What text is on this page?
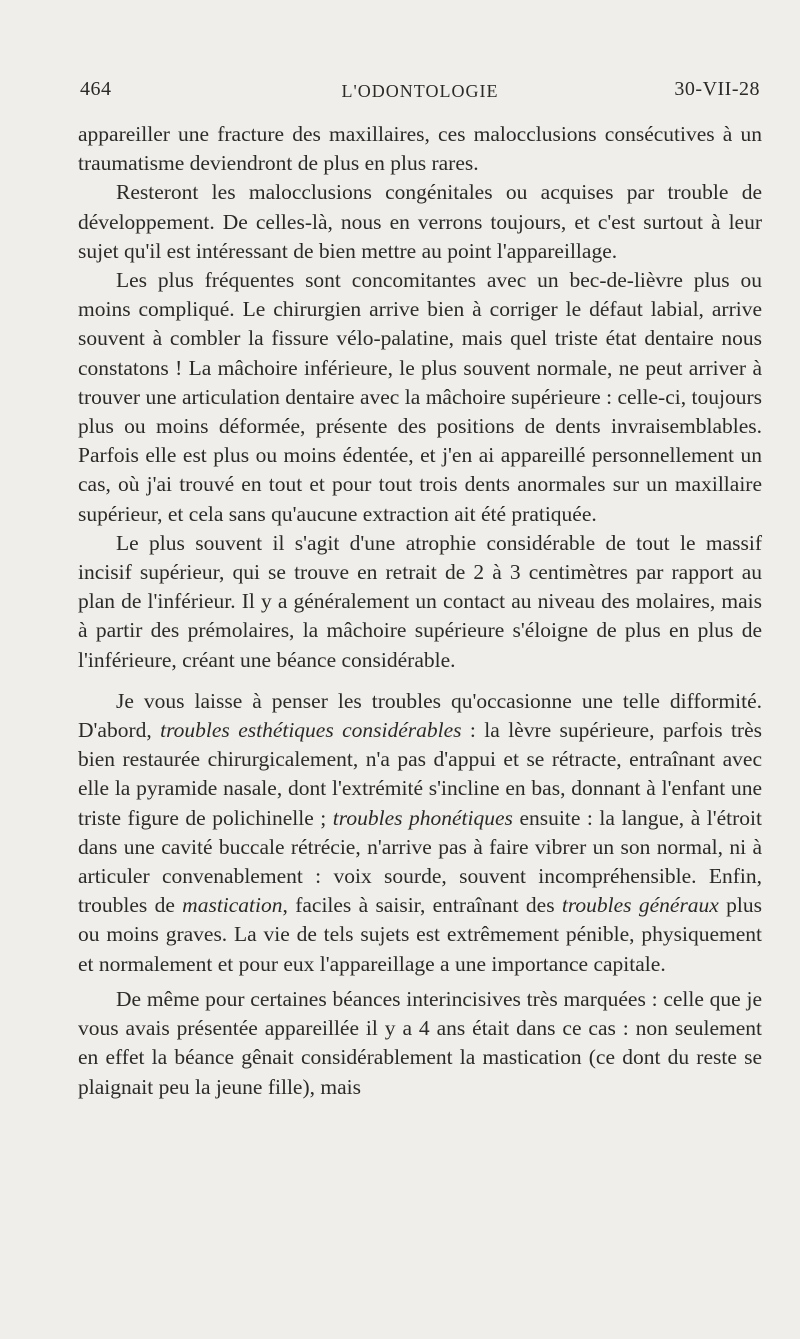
464	L'ODONTOLOGIE	30-VII-28

appareiller une fracture des maxillaires, ces malocclusions consécutives à un traumatisme deviendront de plus en plus rares.

Resteront les malocclusions congénitales ou acquises par trouble de développement. De celles-là, nous en verrons toujours, et c'est surtout à leur sujet qu'il est intéressant de bien mettre au point l'appareillage.

Les plus fréquentes sont concomitantes avec un bec-de-lièvre plus ou moins compliqué. Le chirurgien arrive bien à corriger le défaut labial, arrive souvent à combler la fissure vélo-palatine, mais quel triste état dentaire nous constatons ! La mâchoire inférieure, le plus souvent normale, ne peut arriver à trouver une articulation dentaire avec la mâchoire supérieure : celle-ci, toujours plus ou moins déformée, présente des positions de dents invraisemblables. Parfois elle est plus ou moins édentée, et j'en ai appareillé personnellement un cas, où j'ai trouvé en tout et pour tout trois dents anormales sur un maxillaire supérieur, et cela sans qu'aucune extraction ait été pratiquée.

Le plus souvent il s'agit d'une atrophie considérable de tout le massif incisif supérieur, qui se trouve en retrait de 2 à 3 centimètres par rapport au plan de l'inférieur. Il y a généralement un contact au niveau des molaires, mais à partir des prémolaires, la mâchoire supérieure s'éloigne de plus en plus de l'inférieure, créant une béance considérable.

Je vous laisse à penser les troubles qu'occasionne une telle difformité. D'abord, troubles esthétiques considérables : la lèvre supérieure, parfois très bien restaurée chirurgicalement, n'a pas d'appui et se rétracte, entraînant avec elle la pyramide nasale, dont l'extrémité s'incline en bas, donnant à l'enfant une triste figure de polichinelle ; troubles phonétiques ensuite : la langue, à l'étroit dans une cavité buccale rétrécie, n'arrive pas à faire vibrer un son normal, ni à articuler convenablement : voix sourde, souvent incompréhensible. Enfin, troubles de mastication, faciles à saisir, entraînant des troubles généraux plus ou moins graves. La vie de tels sujets est extrêmement pénible, physiquement et normalement et pour eux l'appareillage a une importance capitale.

De même pour certaines béances interincisives très marquées : celle que je vous avais présentée appareillée il y a 4 ans était dans ce cas : non seulement en effet la béance gênait considérablement la mastication (ce dont du reste se plaignait peu la jeune fille), mais
